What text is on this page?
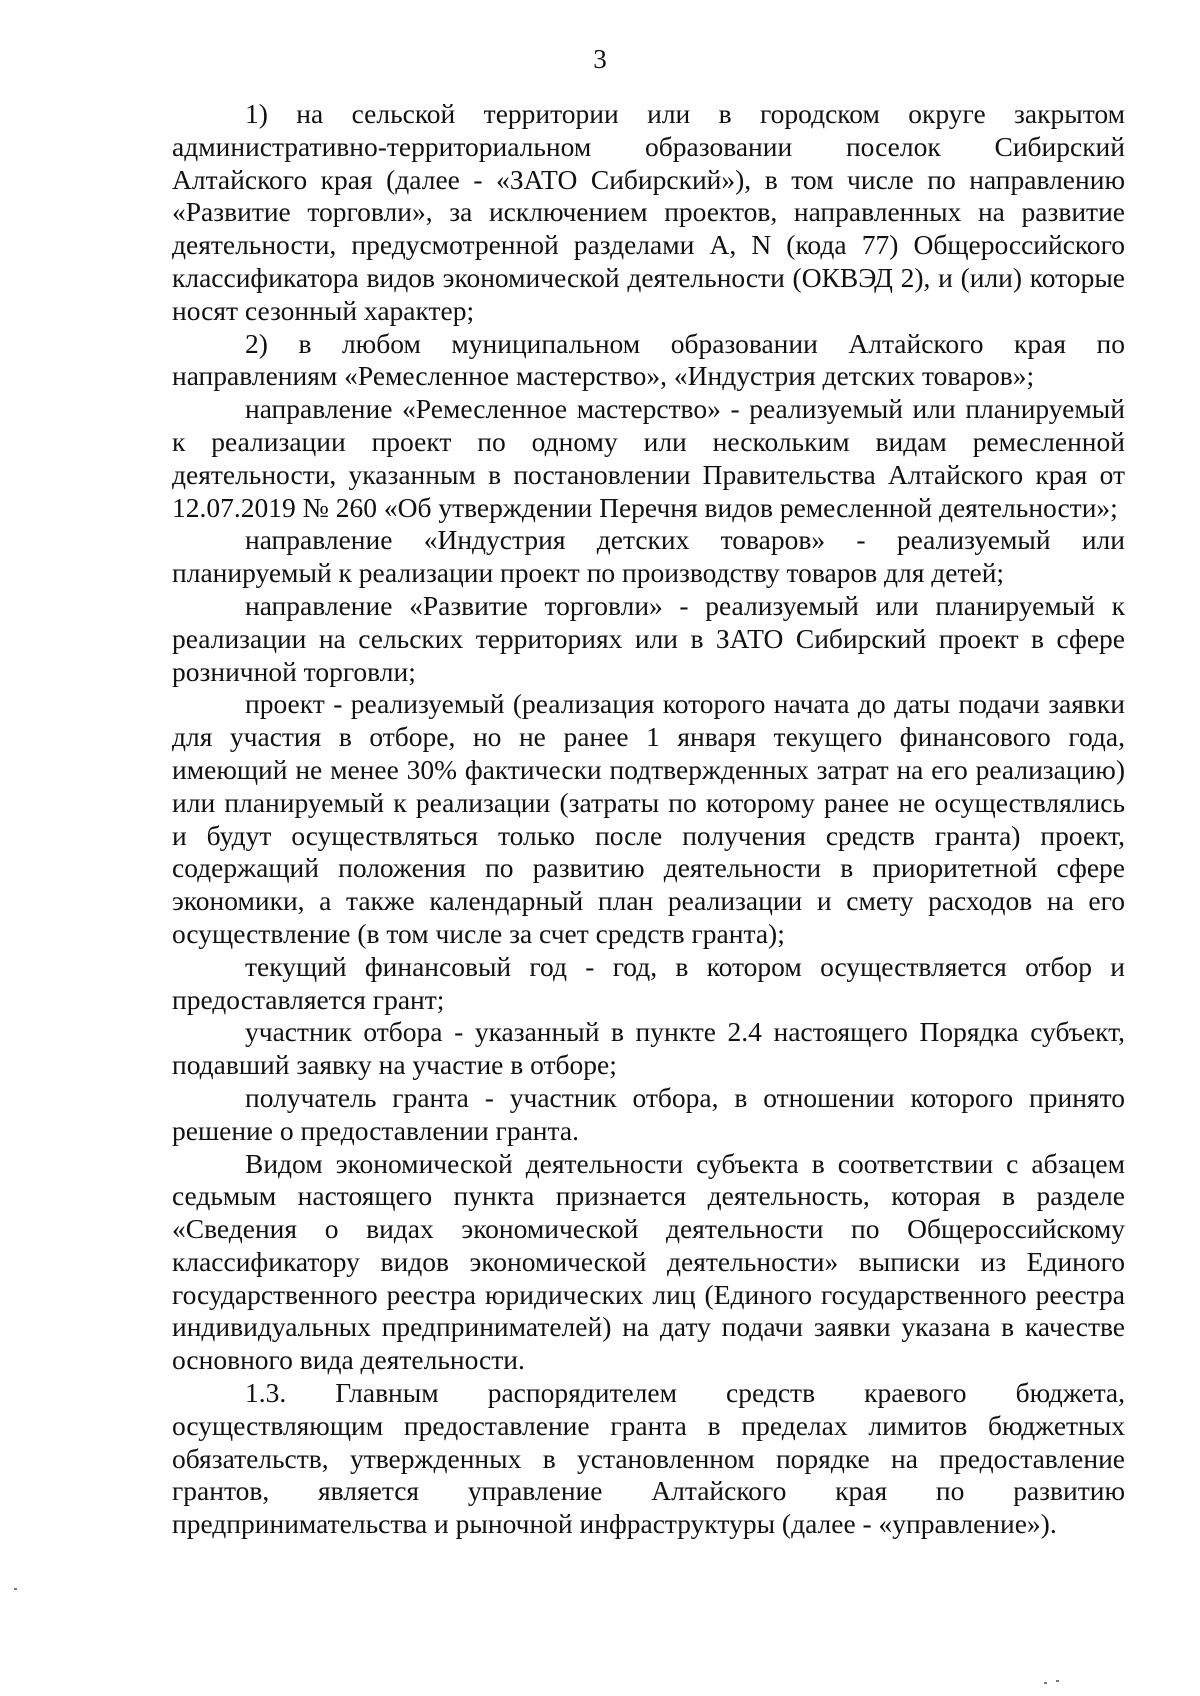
3

1) на сельской территории или в городском округе закрытом административно-территориальном образовании поселок Сибирский Алтайского края (далее - «ЗАТО Сибирский»), в том числе по направлению «Развитие торговли», за исключением проектов, направленных на развитие деятельности, предусмотренной разделами А, N (кода 77) Общероссийского классификатора видов экономической деятельности (ОКВЭД 2), и (или) которые носят сезонный характер;

2) в любом муниципальном образовании Алтайского края по направлениям «Ремесленное мастерство», «Индустрия детских товаров»;

направление «Ремесленное мастерство» - реализуемый или планируемый к реализации проект по одному или нескольким видам ремесленной деятельности, указанным в постановлении Правительства Алтайского края от 12.07.2019 № 260 «Об утверждении Перечня видов ремесленной деятельности»;

направление «Индустрия детских товаров» - реализуемый или планируемый к реализации проект по производству товаров для детей;

направление «Развитие торговли» - реализуемый или планируемый к реализации на сельских территориях или в ЗАТО Сибирский проект в сфере розничной торговли;

проект - реализуемый (реализация которого начата до даты подачи заявки для участия в отборе, но не ранее 1 января текущего финансового года, имеющий не менее 30% фактически подтвержденных затрат на его реализацию) или планируемый к реализации (затраты по которому ранее не осуществлялись и будут осуществляться только после получения средств гранта) проект, содержащий положения по развитию деятельности в приоритетной сфере экономики, а также календарный план реализации и смету расходов на его осуществление (в том числе за счет средств гранта);

текущий финансовый год - год, в котором осуществляется отбор и предоставляется грант;

участник отбора - указанный в пункте 2.4 настоящего Порядка субъект, подавший заявку на участие в отборе;

получатель гранта - участник отбора, в отношении которого принято решение о предоставлении гранта.

Видом экономической деятельности субъекта в соответствии с абзацем седьмым настоящего пункта признается деятельность, которая в разделе «Сведения о видах экономической деятельности по Общероссийскому классификатору видов экономической деятельности» выписки из Единого государственного реестра юридических лиц (Единого государственного реестра индивидуальных предпринимателей) на дату подачи заявки указана в качестве основного вида деятельности.

1.3. Главным распорядителем средств краевого бюджета, осуществляющим предоставление гранта в пределах лимитов бюджетных обязательств, утвержденных в установленном порядке на предоставление грантов, является управление Алтайского края по развитию предпринимательства и рыночной инфраструктуры (далее - «управление»).
